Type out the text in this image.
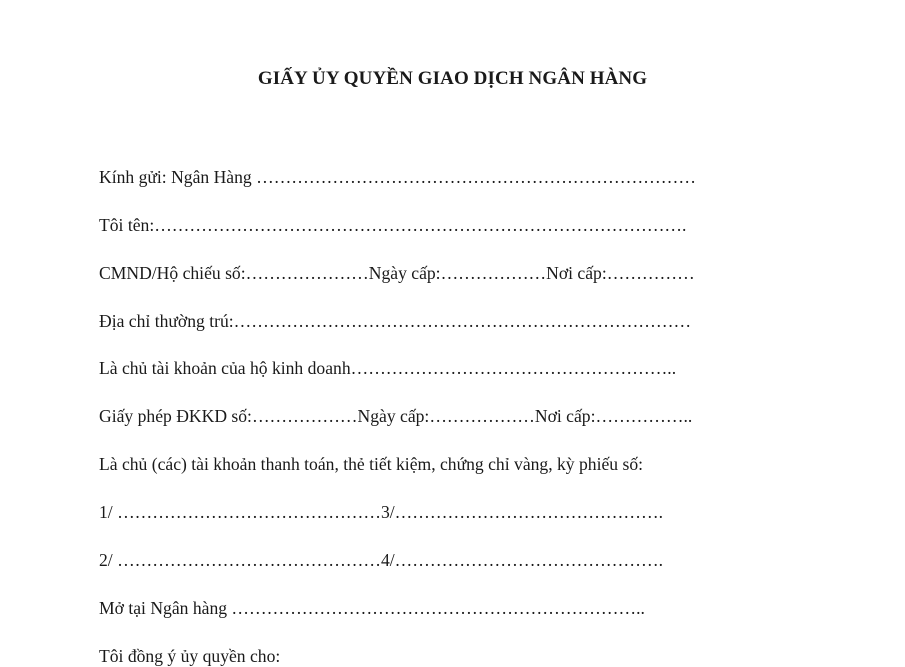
GIẤY ỦY QUYỀN GIAO DỊCH NGÂN HÀNG
Kính gửi: Ngân Hàng …………………………………………………………………
Tôi tên:……………………………………………………………………………….
CMND/Hộ chiếu số:…………………Ngày cấp:………………Nơi cấp:……………
Địa chỉ thường trú:……………………………………………………………………
Là chủ tài khoản của hộ kinh doanh………………………………………………..
Giấy phép ĐKKD số:………………Ngày cấp:………………Nơi cấp:……………..
Là chủ (các) tài khoản thanh toán, thẻ tiết kiệm, chứng chỉ vàng, kỳ phiếu số:
1/ ………………………………………3/……………………………………….
2/ ………………………………………4/……………………………………….
Mở tại Ngân hàng ……………………………………………………………..
Tôi đồng ý ủy quyền cho:
